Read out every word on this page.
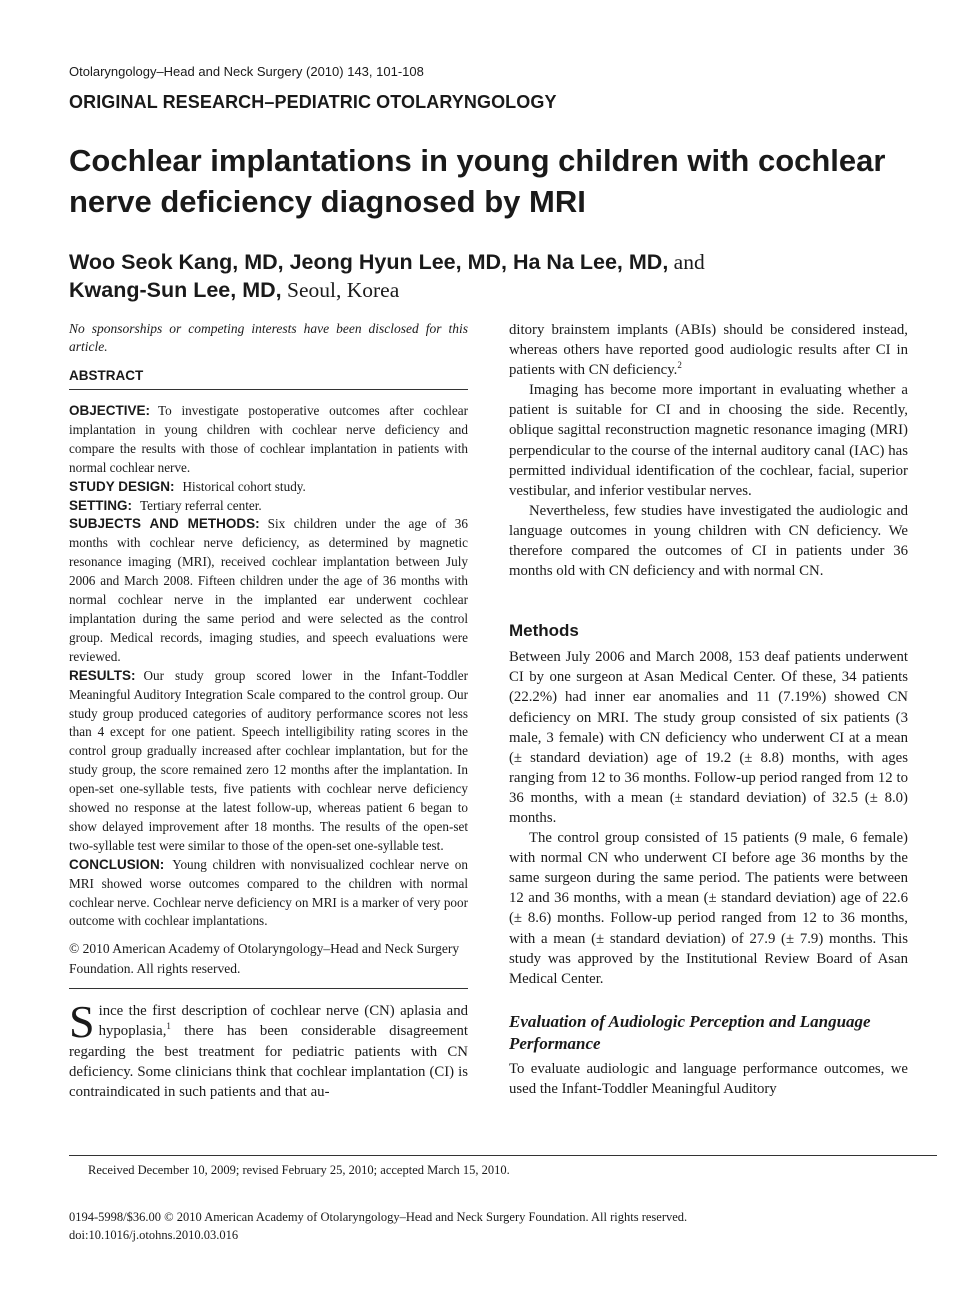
Otolaryngology–Head and Neck Surgery (2010) 143, 101-108
ORIGINAL RESEARCH–PEDIATRIC OTOLARYNGOLOGY
Cochlear implantations in young children with cochlear nerve deficiency diagnosed by MRI
Woo Seok Kang, MD, Jeong Hyun Lee, MD, Ha Na Lee, MD, and
Kwang-Sun Lee, MD, Seoul, Korea

No sponsorships or competing interests have been disclosed for this article.

ABSTRACT

OBJECTIVE: To investigate postoperative outcomes after cochlear implantation in young children with cochlear nerve deficiency and compare the results with those of cochlear implantation in patients with normal cochlear nerve.

STUDY DESIGN: Historical cohort study.

SETTING: Tertiary referral center.

SUBJECTS AND METHODS: Six children under the age of 36 months with cochlear nerve deficiency, as determined by magnetic resonance imaging (MRI), received cochlear implantation between July 2006 and March 2008. Fifteen children under the age of 36 months with normal cochlear nerve in the implanted ear underwent cochlear implantation during the same period and were selected as the control group. Medical records, imaging studies, and speech evaluations were reviewed.

RESULTS: Our study group scored lower in the Infant-Toddler Meaningful Auditory Integration Scale compared to the control group. Our study group produced categories of auditory performance scores not less than 4 except for one patient. Speech intelligibility rating scores in the control group gradually increased after cochlear implantation, but for the study group, the score remained zero 12 months after the implantation. In open-set one-syllable tests, five patients with cochlear nerve deficiency showed no response at the latest follow-up, whereas patient 6 began to show delayed improvement after 18 months. The results of the open-set two-syllable test were similar to those of the open-set one-syllable test.

CONCLUSION: Young children with nonvisualized cochlear nerve on MRI showed worse outcomes compared to the children with normal cochlear nerve. Cochlear nerve deficiency on MRI is a marker of very poor outcome with cochlear implantations.

© 2010 American Academy of Otolaryngology–Head and Neck Surgery Foundation. All rights reserved.

Since the first description of cochlear nerve (CN) aplasia and hypoplasia,$^1$ there has been considerable disagreement regarding the best treatment for pediatric patients with CN deficiency. Some clinicians think that cochlear implantation (CI) is contraindicated in such patients and that au-

ditory brainstem implants (ABIs) should be considered instead, whereas others have reported good audiologic results after CI in patients with CN deficiency.$^2$

Imaging has become more important in evaluating whether a patient is suitable for CI and in choosing the side. Recently, oblique sagittal reconstruction magnetic resonance imaging (MRI) perpendicular to the course of the internal auditory canal (IAC) has permitted individual identification of the cochlear, facial, superior vestibular, and inferior vestibular nerves.

Nevertheless, few studies have investigated the audiologic and language outcomes in young children with CN deficiency. We therefore compared the outcomes of CI in patients under 36 months old with CN deficiency and with normal CN.

Methods

Between July 2006 and March 2008, 153 deaf patients underwent CI by one surgeon at Asan Medical Center. Of these, 34 patients (22.2%) had inner ear anomalies and 11 (7.19%) showed CN deficiency on MRI. The study group consisted of six patients (3 male, 3 female) with CN deficiency who underwent CI at a mean (± standard deviation) age of 19.2 (± 8.8) months, with ages ranging from 12 to 36 months. Follow-up period ranged from 12 to 36 months, with a mean (± standard deviation) of 32.5 (± 8.0) months.

The control group consisted of 15 patients (9 male, 6 female) with normal CN who underwent CI before age 36 months by the same surgeon during the same period. The patients were between 12 and 36 months, with a mean (± standard deviation) age of 22.6 (± 8.6) months. Follow-up period ranged from 12 to 36 months, with a mean (± standard deviation) of 27.9 (± 7.9) months. This study was approved by the Institutional Review Board of Asan Medical Center.

Evaluation of Audiologic Perception and Language Performance

To evaluate audiologic and language performance outcomes, we used the Infant-Toddler Meaningful Auditory

Received December 10, 2009; revised February 25, 2010; accepted March 15, 2010.
0194-5998/$36.00 © 2010 American Academy of Otolaryngology–Head and Neck Surgery Foundation. All rights reserved.
doi:10.1016/j.otohns.2010.03.016
